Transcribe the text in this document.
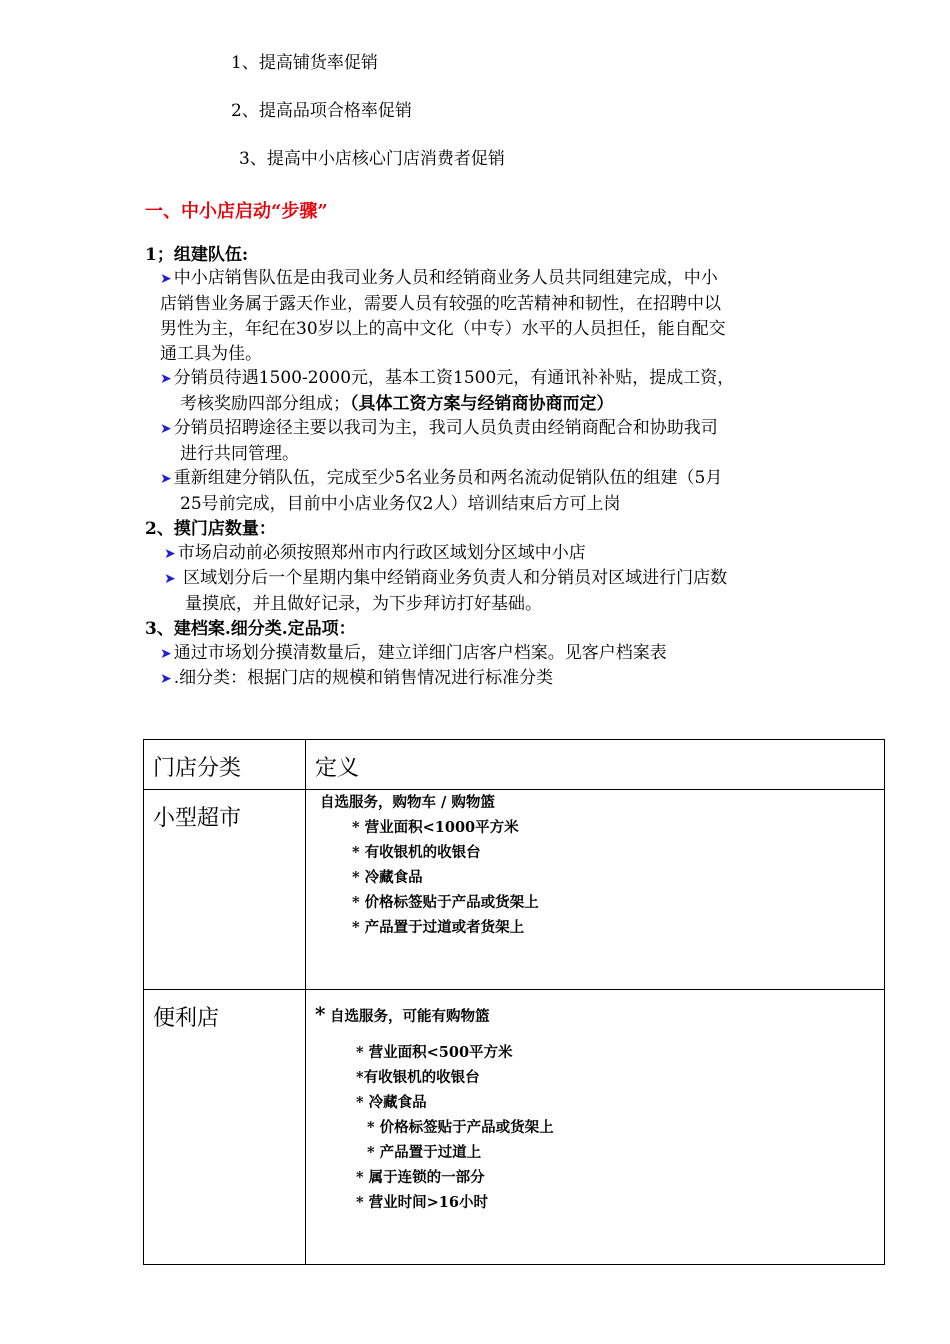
1、提高铺货率促销
2、提高品项合格率促销
3、提高中小店核心门店消费者促销
一、中小店启动“步骤”
1；组建队伍:
➤ 中小店销售队伍是由我司业务人员和经销商业务人员共同组建完成，中小
店销售业务属于露天作业，需要人员有较强的吃苦精神和韧性，在招聘中以
男性为主，年纪在30岁以上的高中文化（中专）水平的人员担任，能自配交
通工具为佳。
➤ 分销员待遇1500-2000元，基本工资1500元，有通讯补补贴，提成工资，
考核奖励四部分组成；（具体工资方案与经销商协商而定）
➤ 分销员招聘途径主要以我司为主，我司人员负责由经销商配合和协助我司
进行共同管理。
➤ 重新组建分销队伍，完成至少5名业务员和两名流动促销队伍的组建（5月
25号前完成，目前中小店业务仅2人）培训结束后方可上岗
2、摸门店数量：
➤ 市场启动前必须按照郑州市内行政区域划分区域中小店
➤ 区域划分后一个星期内集中经销商业务负责人和分销员对区域进行门店数
量摸底，并且做好记录，为下步拜访打好基础。
3、建档案.细分类.定品项：
➤ 通过市场划分摸清数量后，建立详细门店客户档案。见客户档案表
➤ .细分类：根据门店的规模和销售情况进行标准分类
门店分类	定义
小型超市
自选服务，购物车 / 购物篮
* 营业面积<1000平方米
* 有收银机的收银台
* 冷藏食品
* 价格标签贴于产品或货架上
* 产品置于过道或者货架上
便利店	* 自选服务，可能有购物篮
* 营业面积<500平方米
*有收银机的收银台
* 冷藏食品
* 价格标签贴于产品或货架上
* 产品置于过道上
* 属于连锁的一部分
* 营业时间>16小时
